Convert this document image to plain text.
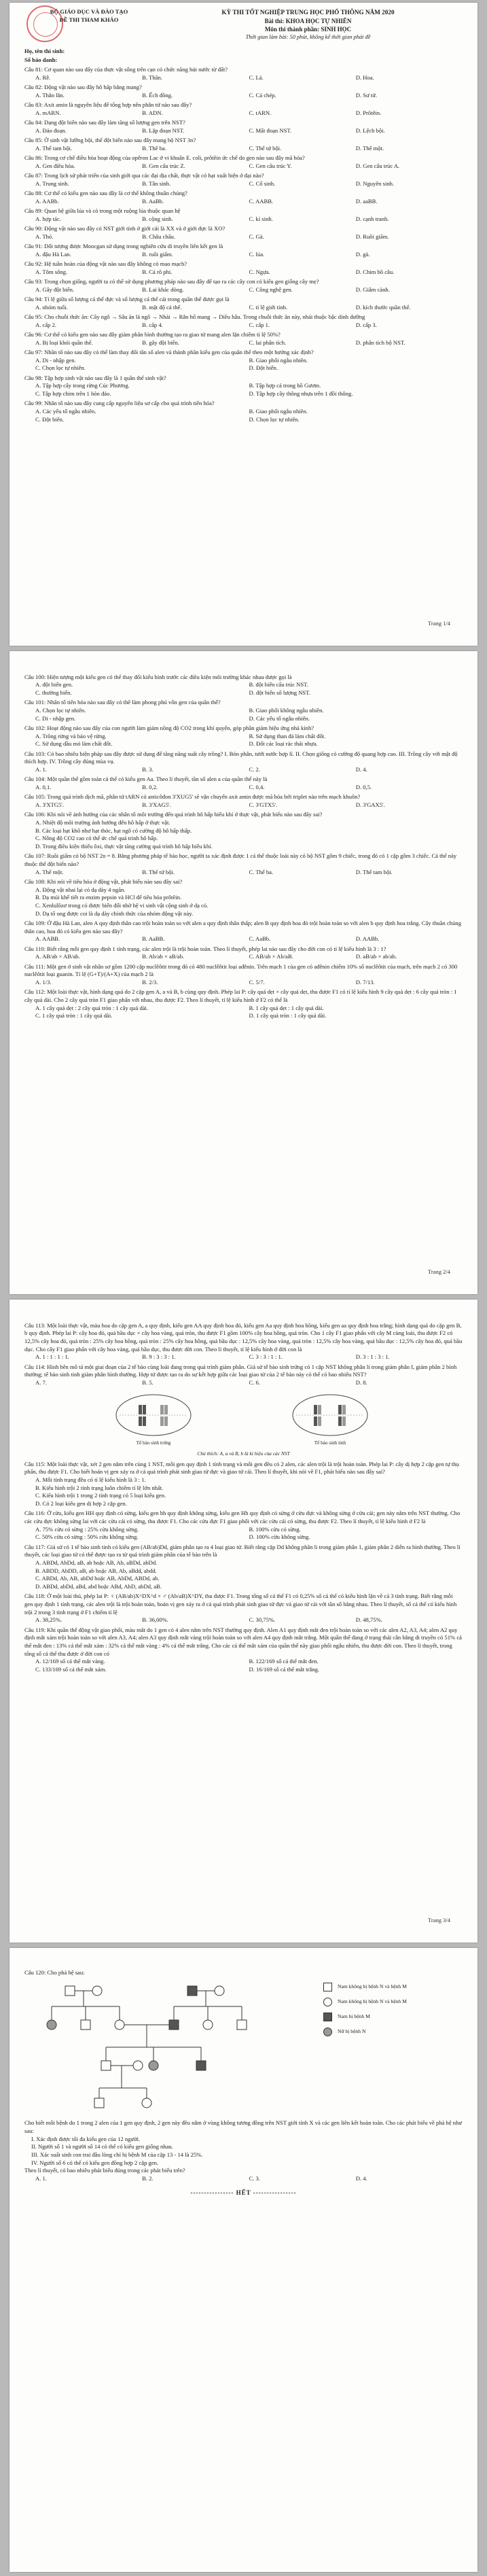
BỘ GIÁO DỤC VÀ ĐÀO TẠO
ĐỀ THI THAM KHẢO
KỲ THI TỐT NGHIỆP TRUNG HỌC PHỔ THÔNG NĂM 2020
Bài thi: KHOA HỌC TỰ NHIÊN
Môn thi thành phần: SINH HỌC
Thời gian làm bài: 50 phút, không kể thời gian phát đề
Họ, tên thí sinh:
Số báo danh:
Câu 81: Cơ quan nào sau đây của thực vật sống trên cạn có chức năng hút nước từ đất?
A. Rễ.	B. Thân.	C. Lá.	D. Hoa.
Câu 82: Động vật nào sau đây hô hấp bằng mang?
A. Thằn lằn.	B. Ếch đồng.	C. Cá chép.	D. Sư tử.
Câu 83: Axit amin là nguyên liệu để tổng hợp nên phân tử nào sau đây?
A. mARN.	B. ADN.	C. tARN.	D. Prôtêin.
Câu 84: Dạng đột biến nào sau đây làm tăng số lượng gen trên NST?
A. Đảo đoạn.	B. Lặp đoạn NST.	C. Mất đoạn NST.	D. Lệch bội.
Câu 85: Ở sinh vật lưỡng bội, thể đột biến nào sau đây mang bộ NST 3n?
A. Thể tam bội.	B. Thể ba.	C. Thể tứ bội.	D. Thể một.
Câu 86: Trong cơ chế điều hòa hoạt động của opêron Lac ở vi khuẩn E. coli, prôtêin ức chế do gen nào sau đây mã hóa?
A. Gen điều hòa.	B. Gen cấu trúc Z.	C. Gen cấu trúc Y.	D. Gen cấu trúc A.
Câu 87: Trong lịch sử phát triển của sinh giới qua các đại địa chất, thực vật có hạt xuất hiện ở đại nào?
A. Trung sinh.	B. Tân sinh.	C. Cổ sinh.	D. Nguyên sinh.
Câu 88: Cơ thể có kiểu gen nào sau đây là cơ thể không thuần chủng?
A. AABb.	B. AaBb.	C. AABB.	D. aaBB.
Câu 89: Quan hệ giữa lúa và cỏ trong một ruộng lúa thuộc quan hệ
A. hợp tác.	B. cộng sinh.	C. kí sinh.	D. cạnh tranh.
Câu 90: Động vật nào sau đây có NST giới tính ở giới cái là XX và ở giới đực là XO?
A. Thỏ.	B. Châu chấu.	C. Gà.	D. Ruồi giấm.
Câu 91: Dối tượng được Moocgan sử dụng trong nghiên cứu di truyền liên kết gen là
A. đậu Hà Lan.	B. ruồi giấm.	C. lúa.	D. gà.
Câu 92: Hệ tuần hoàn của động vật nào sau đây không có mao mạch?
A. Tôm sông.	B. Cá rô phi.	C. Ngựa.	D. Chim bồ câu.
Câu 93: Trong chọn giống, người ta có thể sử dụng phương pháp nào sau đây để tạo ra các cây con có kiểu gen giống cây mẹ?
A. Gây đột biến.	B. Lai khác dòng.	C. Công nghệ gen.	D. Giâm cành.
Câu 94: Tỉ lệ giữa số lượng cá thể đực và số lượng cá thể cái trong quần thể được gọi là
A. nhóm tuổi.	B. mật độ cá thể.	C. tỉ lệ giới tính.	D. kích thước quần thể.
Câu 95: Cho chuỗi thức ăn: Cây ngô → Sâu ăn lá ngô → Nhái → Rắn hổ mang → Diều hâu. Trong chuỗi thức ăn này, nhái thuộc bậc dinh dưỡng
A. cấp 2.	B. cấp 4.	C. cấp 1.	D. cấp 3.
Câu 96: Cơ thể có kiểu gen nào sau đây giảm phân bình thường tạo ra giao tử mang alen lặn chiếm tỉ lệ 50%?
A. Bị loại khỏi quần thể.	B. gây đột biến.	C. lai phân tích.	D. phân tích bộ NST.
Câu 97: Nhân tố nào sau đây có thể làm thay đổi tần số alen và thành phần kiểu gen của quần thể theo một hướng xác định?
A. Di - nhập gen.	B. Giao phối ngẫu nhiên.
C. Chọn lọc tự nhiên.	D. Đột biến.
Câu 98: Tập hợp sinh vật nào sau đây là 1 quần thể sinh vật?
A. Tập hợp cây trong rừng Cúc Phương.	B. Tập hợp cá trong hồ Gươm.
C. Tập hợp chim trên 1 hòn đảo.	D. Tập hợp cây thông nhựa trên 1 đồi thông.
Câu 99: Nhân tố nào sau đây cung cấp nguyên liệu sơ cấp cho quá trình tiến hóa?
A. Các yếu tố ngẫu nhiên.	B. Giao phối ngẫu nhiên.
C. Đột biến.	D. Chọn lọc tự nhiên.
Trang 1/4
Câu 100: Hiện tượng một kiểu gen có thể thay đổi kiểu hình trước các điều kiện môi trường khác nhau được gọi là
A. đột biến gen.	B. đột biến cấu trúc NST.
C. thường biến.	D. đột biến số lượng NST.
Câu 101: Nhân tố tiến hóa nào sau đây có thể làm phong phú vốn gen của quần thể?
A. Chọn lọc tự nhiên.	B. Giao phối không ngẫu nhiên.
C. Di - nhập gen.	D. Các yếu tố ngẫu nhiên.
Câu 102: Hoạt động nào sau đây của con người làm giảm nồng độ CO2 trong khí quyển, góp phần giảm hiệu ứng nhà kính?
A. Trồng rừng và bảo vệ rừng.	B. Sử dụng than đá làm chất đốt.
C. Sử dụng dầu mỏ làm chất đốt.	D. Đốt các loại rác thải nhựa.
Câu 103: Có bao nhiêu biện pháp sau đây được sử dụng để tăng năng suất cây trồng? I. Bón phân, tưới nước hợp lí. II. Chọn giống có cường độ quang hợp cao. III. Trồng cây với mật độ thích hợp. IV. Trồng cây đúng mùa vụ.
A. 1.	B. 3.	C. 2.	D. 4.
Câu 104: Một quần thể gồm toàn cá thể có kiểu gen Aa. Theo lí thuyết, tần số alen a của quần thể này là
A. 0,1.	B. 0,2.	C. 0,4.	D. 0,5.
Câu 105: Trong quá trình dịch mã, phân tử tARN có anticôđon 3'XUG5' sẽ vận chuyển axit amin được mã hóa bởi triplet nào trên mạch khuôn?
A. 3'XTG5'.	B. 3'XAG5'.	C. 3'GTX5'.	D. 3'GAX5'.
Câu 106: Khi nói về ảnh hưởng của các nhân tố môi trường đến quá trình hô hấp hiếu khí ở thực vật, phát biểu nào sau đây sai?
A. Nhiệt độ môi trường ảnh hưởng đến hô hấp ở thực vật.
B. Các loại hạt khô như hạt thóc, hạt ngô có cường độ hô hấp thấp.
C. Nồng độ CO2 cao có thể ức chế quá trình hô hấp.
D. Trong điều kiện thiếu ôxi, thực vật tăng cường quá trình hô hấp hiếu khí.
Câu 107: Ruồi giấm có bộ NST 2n = 8. Bằng phương pháp tế bào học, người ta xác định được 1 cá thể thuộc loài này có bộ NST gồm 9 chiếc, trong đó có 1 cặp gồm 3 chiếc. Cá thể này thuộc thể đột biến nào?
A. Thể một.	B. Thể tứ bội.	C. Thể ba.	D. Thể tam bội.
Câu 108: Khi nói về tiêu hóa ở động vật, phát biểu nào sau đây sai?
A. Động vật nhai lại có dạ dày 4 ngăn.
B. Dạ múi khế tiết ra enzim pepsin và HCl để tiêu hóa prôtêin.
C. Xenlulôzơ trong cỏ được biến đổi nhờ hệ vi sinh vật cộng sinh ở dạ cỏ.
D. Dạ tổ ong được coi là dạ dày chính thức của nhóm động vật này.
Câu 109: Ở đậu Hà Lan, alen A quy định thân cao trội hoàn toàn so với alen a quy định thân thấp; alen B quy định hoa đỏ trội hoàn toàn so với alen b quy định hoa trắng. Cây thuần chủng thân cao, hoa đỏ có kiểu gen nào sau đây?
A. AABB.	B. AaBB.	C. AaBb.	D. AABb.
Câu 110: Biết rằng mỗi gen quy định 1 tính trạng, các alen trội là trội hoàn toàn. Theo lí thuyết, phép lai nào sau đây cho đời con có tỉ lệ kiểu hình là 3 : 1?
A. AB/ab × AB/ab.	B. Ab/ab × aB/ab.	C. AB/ab × Ab/aB.	D. aB/ab × ab/ab.
Câu 111: Một gen ở sinh vật nhân sơ gồm 1200 cặp nuclêôtit trong đó có 480 nuclêôtit loại ađênin. Trên mạch 1 của gen có ađênin chiếm 10% số nuclêôtit của mạch, trên mạch 2 có 300 nuclêôtit loại guanin. Tỉ lệ (G+T)/(A+X) của mạch 2 là
A. 1/3.	B. 2/3.	C. 5/7.	D. 7/13.
Câu 112: Một loài thực vật, hình dạng quả do 2 cặp gen A, a và B, b cùng quy định. Phép lai P: cây quả dẹt × cây quả dẹt, thu được F1 có tỉ lệ kiểu hình 9 cây quả dẹt : 6 cây quả tròn : 1 cây quả dài. Cho 2 cây quả tròn F1 giao phấn với nhau, thu được F2. Theo lí thuyết, tỉ lệ kiểu hình ở F2 có thể là
A. 1 cây quả dẹt : 2 cây quả tròn : 1 cây quả dài.	B. 1 cây quả dẹt : 1 cây quả dài.
C. 1 cây quả tròn : 1 cây quả dài.	D. 1 cây quả tròn : 1 cây quả dài.
Trang 2/4
Câu 113: Một loài thực vật, màu hoa do cặp gen A, a quy định, kiểu gen AA quy định hoa đỏ, kiểu gen Aa quy định hoa hồng, kiểu gen aa quy định hoa trắng; hình dạng quả do cặp gen B, b quy định. Phép lai P: cây hoa đỏ, quả bầu dục × cây hoa vàng, quả tròn, thu được F1 gồm 100% cây hoa hồng, quả tròn. Cho 1 cây F1 giao phấn với cây M cùng loài, thu được F2 có 12,5% cây hoa đỏ, quả tròn : 25% cây hoa hồng, quả tròn : 25% cây hoa hồng, quả bầu dục : 12,5% cây hoa vàng, quả tròn : 12,5% cây hoa vàng, quả bầu dục : 12,5% cây hoa đỏ, quả bầu dục. Cho cây F1 giao phấn với cây hoa vàng, quả bầu dục, thu được đời con. Theo lí thuyết, tỉ lệ kiểu hình ở đời con là
A. 1 : 1 : 1 : 1.	B. 9 : 3 : 3 : 1.	C. 3 : 3 : 1 : 1.	D. 3 : 1 : 3 : 1.
Câu 114: Hình bên mô tả một giai đoạn của 2 tế bào cùng loài đang trong quá trình giảm phân. Giả sử tế bào sinh trứng có 1 cặp NST không phân li trong giảm phân I, giảm phân 2 bình thường; tế bào sinh tinh giảm phân bình thường. Hợp tử được tạo ra do sự kết hợp giữa các loại giao tử của 2 tế bào này có thể có bao nhiêu NST?
A. 7.	B. 5.	C. 6.	D. 8.
Tế bào sinh trứng	Tế bào sinh tinh
Chú thích: A, a và B, b là kí hiệu của các NST
Câu 115: Một loài thực vật, xét 2 gen nằm trên cùng 1 NST, mỗi gen quy định 1 tính trạng và mỗi gen đều có 2 alen, các alen trội là trội hoàn toàn. Phép lai P: cây dị hợp 2 cặp gen tự thụ phấn, thu được F1. Cho biết hoán vị gen xảy ra ở cả quá trình phát sinh giao tử đực và giao tử cái. Theo lí thuyết, khi nói về F1, phát biểu nào sau đây sai?
A. Mỗi tính trạng đều có tỉ lệ kiểu hình là 3 : 1.
B. Kiểu hình trội 2 tính trạng luôn chiếm tỉ lệ lớn nhất.
C. Kiểu hình trội 1 trong 2 tính trạng có 5 loại kiểu gen.
D. Có 2 loại kiểu gen dị hợp 2 cặp gen.
Câu 116: Ở cừu, kiểu gen HH quy định có sừng, kiểu gen hh quy định không sừng, kiểu gen Hh quy định có sừng ở cừu đực và không sừng ở cừu cái; gen này nằm trên NST thường. Cho các cừu đực không sừng lai với các cừu cái có sừng, thu được F1. Cho các cừu đực F1 giao phối với các cừu cái có sừng, thu được F2. Theo lí thuyết, tỉ lệ kiểu hình ở F2 là
A. 75% cừu có sừng : 25% cừu không sừng.	B. 100% cừu có sừng.
C. 50% cừu có sừng : 50% cừu không sừng.	D. 100% cừu không sừng.
Câu 117: Giả sử có 1 tế bào sinh tinh có kiểu gen (AB/ab)Dd, giảm phân tạo ra 4 loại giao tử. Biết rằng cặp Dd không phân li trong giảm phân 1, giảm phân 2 diễn ra bình thường. Theo lí thuyết, các loại giao tử có thể được tạo ra từ quá trình giảm phân của tế bào trên là
A. ABDd, AbDd, aB, ab hoặc AB, Ab, aBDd, abDd.
B. ABDD, AbDD, aB, ab hoặc AB, Ab, aBdd, abdd.
C. ABDd, Ab, AB, abDd hoặc AB, AbDd, ABDd, ab.
D. ABDd, abDd, aBd, abd hoặc ABd, AbD, abDd, aB.
Câu 118: Ở một loài thú, phép lai P: ♀ (AB/ab)X^DX^d × ♂ (Ab/aB)X^DY, thu được F1. Trong tổng số cá thể F1 có 0,25% số cá thể có kiểu hình lặn về cả 3 tính trạng. Biết rằng mỗi gen quy định 1 tính trạng, các alen trội là trội hoàn toàn, hoán vị gen xảy ra ở cả quá trình phát sinh giao tử đực và giao tử cái với tần số bằng nhau. Theo lí thuyết, số cá thể có kiểu hình trội 2 trong 3 tính trạng ở F1 chiếm tỉ lệ
A. 38,25%.	B. 36,00%.	C. 30,75%.	D. 48,75%.
Câu 119: Khi quần thể động vật giao phối, màu mắt do 1 gen có 4 alen nằm trên NST thường quy định. Alen A1 quy định mắt đen trội hoàn toàn so với các alen A2, A3, A4; alen A2 quy định mắt xám trội hoàn toàn so với alen A3, A4; alen A3 quy định mắt vàng trội hoàn toàn so với alen A4 quy định mắt trắng. Một quần thể đang ở trạng thái cân bằng di truyền có 51% cá thể mắt đen : 13% cá thể mắt xám : 32% cá thể mắt vàng : 4% cá thể mắt trắng. Cho các cá thể mắt xám của quần thể này giao phối ngẫu nhiên, thu được đời con. Theo lí thuyết, trong tổng số cá thể thu được ở đời con có
A. 12/169 số cá thể mắt vàng.	B. 122/169 số cá thể mắt đen.
C. 133/169 số cá thể mắt xám.	D. 16/169 số cá thể mắt trắng.
Trang 3/4
Câu 120: Cho phả hệ sau:
Nam không bị bệnh N và bệnh M
Nam không bị bệnh N và bệnh M
Nam bị bệnh M
Nữ bị bệnh N
Cho biết mỗi bệnh do 1 trong 2 alen của 1 gen quy định, 2 gen này đều nằm ở vùng không tương đồng trên NST giới tính X và các gen liên kết hoàn toàn. Cho các phát biểu về phả hệ như sau:
I. Xác định được tối đa kiểu gen của 12 người.
II. Người số 1 và người số 14 có thể có kiểu gen giống nhau.
III. Xác suất sinh con trai đầu lòng chỉ bị bệnh M của cặp 13 - 14 là 25%.
IV. Người số 6 có thể có kiểu gen đồng hợp 2 cặp gen.
Theo lí thuyết, có bao nhiêu phát biểu đúng trong các phát biểu trên?
A. 1.	B. 2.	C. 3.	D. 4.
---------------- HẾT ----------------
